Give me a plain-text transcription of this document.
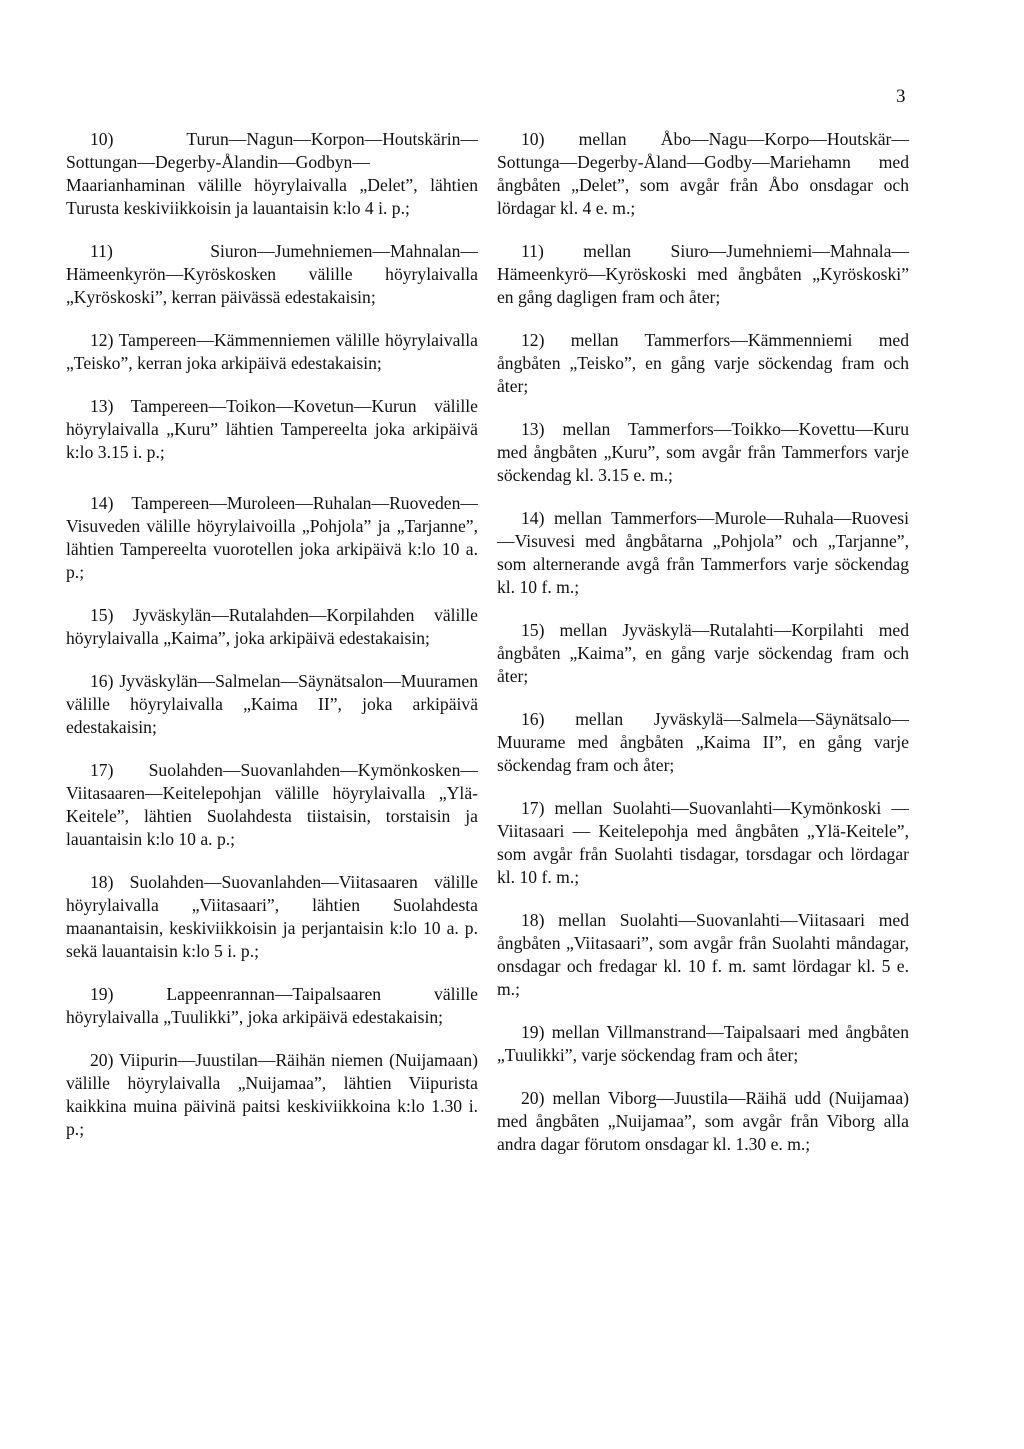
3

10) Turun—Nagun—Korpon—Houtskärin—Sottungan—Degerby-Ålandin—Godbyn—Maarianhaminan välille höyrylaivalla „Delet”, lähtien Turusta keskiviikkoisin ja lauantaisin k:lo 4 i. p.;

11) Siuron—Jumehniemen—Mahnalan—Hämeenkyrön—Kyröskosken välille höyrylaivalla „Kyröskoski”, kerran päivässä edestakaisin;

12) Tampereen—Kämmenniemen välille höyrylaivalla „Teisko”, kerran joka arkipäivä edestakaisin;

13) Tampereen—Toikon—Kovetun—Kurun välille höyrylaivalla „Kuru” lähtien Tampereelta joka arkipäivä k:lo 3.15 i. p.;

14) Tampereen—Muroleen—Ruhalan—Ruoveden—Visuveden välille höyrylaivoilla „Pohjola” ja „Tarjanne”, lähtien Tampereelta vuorotellen joka arkipäivä k:lo 10 a. p.;

15) Jyväskylän—Rutalahden—Korpilahden välille höyrylaivalla „Kaima”, joka arkipäivä edestakaisin;

16) Jyväskylän—Salmelan—Säynätsalon—Muuramen välille höyrylaivalla „Kaima II”, joka arkipäivä edestakaisin;

17) Suolahden—Suovanlahden—Kymönkosken—Viitasaaren—Keitelepohjan välille höyrylaivalla „Ylä-Keitele”, lähtien Suolahdesta tiistaisin, torstaisin ja lauantaisin k:lo 10 a. p.;

18) Suolahden—Suovanlahden—Viitasaaren välille höyrylaivalla „Viitasaari”, lähtien Suolahdesta maanantaisin, keskiviikkoisin ja perjantaisin k:lo 10 a. p. sekä lauantaisin k:lo 5 i. p.;

19) Lappeenrannan—Taipalsaaren välille höyrylaivalla „Tuulikki”, joka arkipäivä edestakaisin;

20) Viipurin—Juustilan—Räihän niemen (Nuijamaan) välille höyrylaivalla „Nuijamaa”, lähtien Viipurista kaikkina muina päivinä paitsi keskiviikkoina k:lo 1.30 i. p.;

10) mellan Åbo—Nagu—Korpo—Houtskär—Sottunga—Degerby-Åland—Godby—Mariehamn med ångbåten „Delet”, som avgår från Åbo onsdagar och lördagar kl. 4 e. m.;

11) mellan Siuro—Jumehniemi—Mahnala—Hämeenkyrö—Kyröskoski med ångbåten „Kyröskoski” en gång dagligen fram och åter;

12) mellan Tammerfors—Kämmenniemi med ångbåten „Teisko”, en gång varje söckendag fram och åter;

13) mellan Tammerfors—Toikko—Kovettu—Kuru med ångbåten „Kuru”, som avgår från Tammerfors varje söckendag kl. 3.15 e. m.;

14) mellan Tammerfors—Murole—Ruhala—Ruovesi—Visuvesi med ångbåtarna „Pohjola” och „Tarjanne”, som alternerande avgå från Tammerfors varje söckendag kl. 10 f. m.;

15) mellan Jyväskylä—Rutalahti—Korpilahti med ångbåten „Kaima”, en gång varje söckendag fram och åter;

16) mellan Jyväskylä—Salmela—Säynätsalo—Muurame med ångbåten „Kaima II”, en gång varje söckendag fram och åter;

17) mellan Suolahti—Suovanlahti—Kymönkoski — Viitasaari — Keitelepohja med ångbåten „Ylä-Keitele”, som avgår från Suolahti tisdagar, torsdagar och lördagar kl. 10 f. m.;

18) mellan Suolahti—Suovanlahti—Viitasaari med ångbåten „Viitasaari”, som avgår från Suolahti måndagar, onsdagar och fredagar kl. 10 f. m. samt lördagar kl. 5 e. m.;

19) mellan Villmanstrand—Taipalsaari med ångbåten „Tuulikki”, varje söckendag fram och åter;

20) mellan Viborg—Juustila—Räihä udd (Nuijamaa) med ångbåten „Nuijamaa”, som avgår från Viborg alla andra dagar förutom onsdagar kl. 1.30 e. m.;
